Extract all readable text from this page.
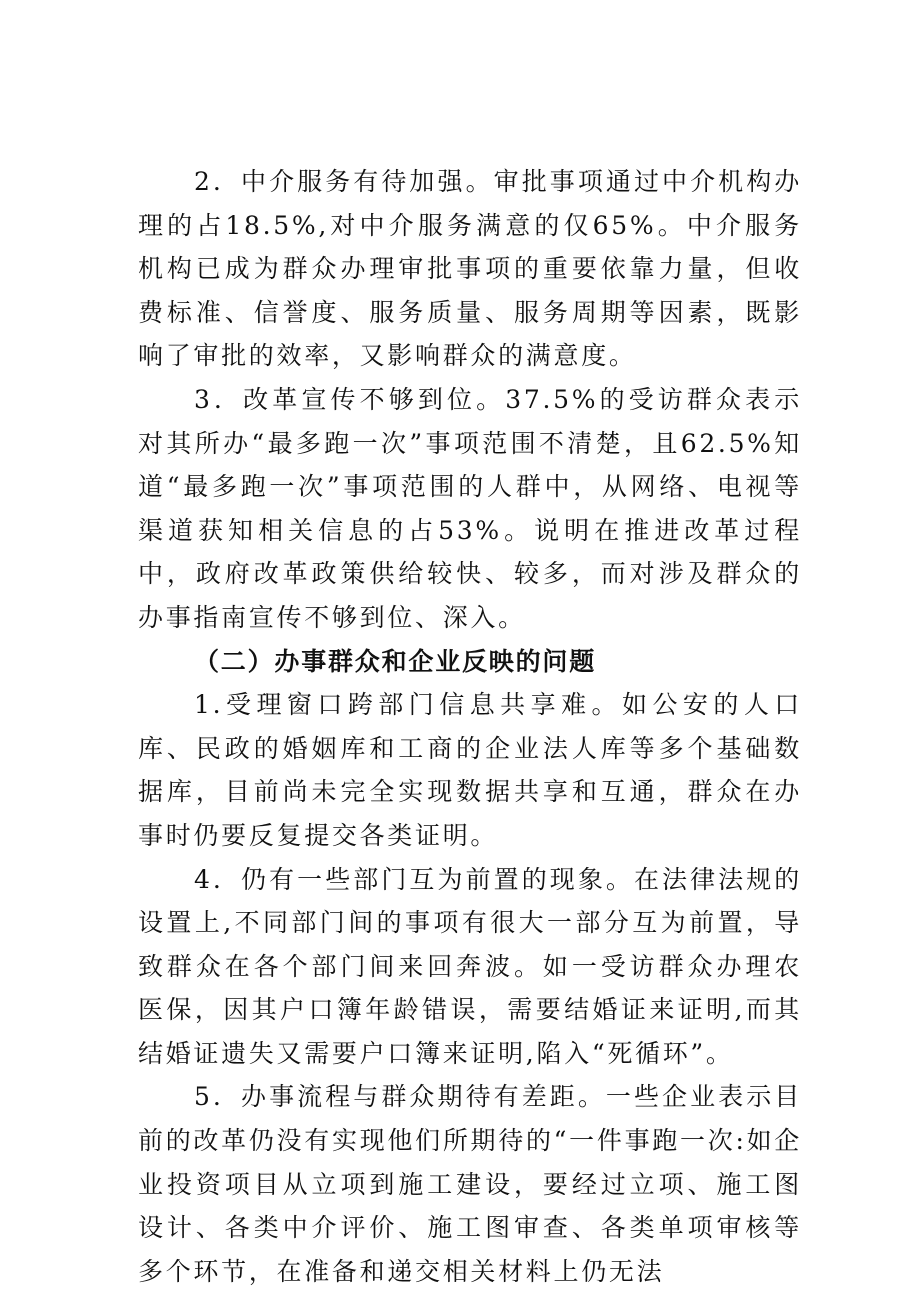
2．中介服务有待加强。审批事项通过中介机构办理的占18.5%,对中介服务满意的仅65%。中介服务机构已成为群众办理审批事项的重要依靠力量，但收费标准、信誉度、服务质量、服务周期等因素，既影响了审批的效率，又影响群众的满意度。

3．改革宣传不够到位。37.5%的受访群众表示对其所办“最多跑一次”事项范围不清楚，且62.5%知道“最多跑一次”事项范围的人群中，从网络、电视等渠道获知相关信息的占53%。说明在推进改革过程中，政府改革政策供给较快、较多，而对涉及群众的办事指南宣传不够到位、深入。

（二）办事群众和企业反映的问题

1.受理窗口跨部门信息共享难。如公安的人口库、民政的婚姻库和工商的企业法人库等多个基础数据库，目前尚未完全实现数据共享和互通，群众在办事时仍要反复提交各类证明。

4．仍有一些部门互为前置的现象。在法律法规的设置上,不同部门间的事项有很大一部分互为前置，导致群众在各个部门间来回奔波。如一受访群众办理农医保，因其户口簿年龄错误，需要结婚证来证明,而其结婚证遗失又需要户口簿来证明,陷入“死循环”。

5．办事流程与群众期待有差距。一些企业表示目前的改革仍没有实现他们所期待的“一件事跑一次:如企业投资项目从立项到施工建设，要经过立项、施工图设计、各类中介评价、施工图审查、各类单项审核等多个环节，在准备和递交相关材料上仍无法
